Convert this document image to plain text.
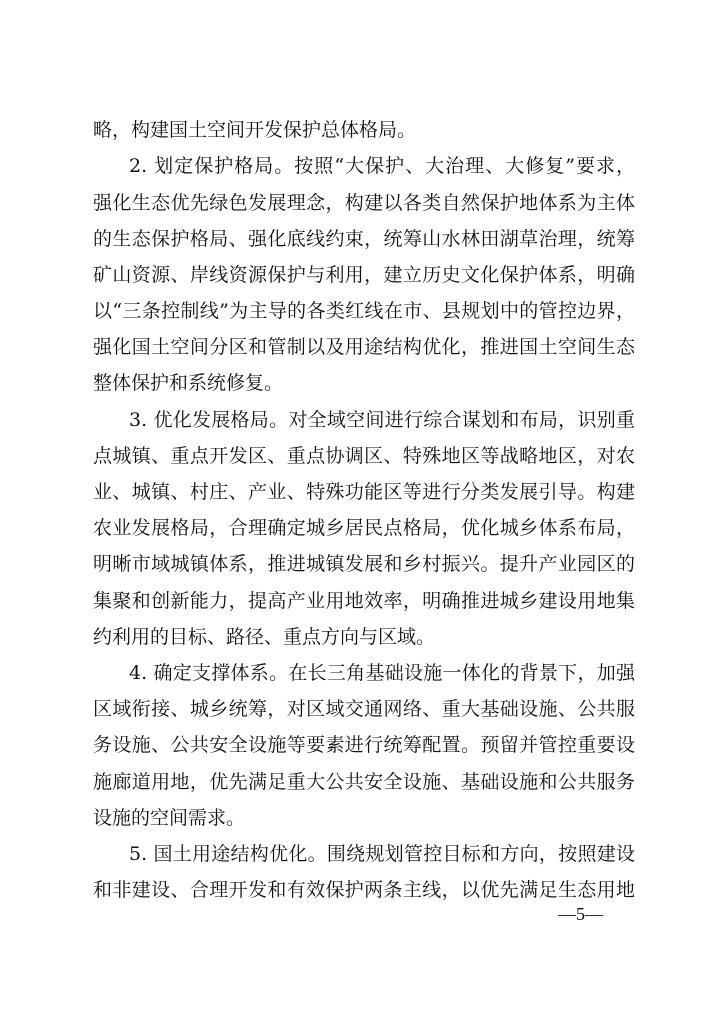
略，构建国土空间开发保护总体格局。
2. 划定保护格局。按照“大保护、大治理、大修复”要求，
强化生态优先绿色发展理念，构建以各类自然保护地体系为主体
的生态保护格局、强化底线约束，统筹山水林田湖草治理，统筹
矿山资源、岸线资源保护与利用，建立历史文化保护体系，明确
以“三条控制线”为主导的各类红线在市、县规划中的管控边界，
强化国土空间分区和管制以及用途结构优化，推进国土空间生态
整体保护和系统修复。
3. 优化发展格局。对全域空间进行综合谋划和布局，识别重
点城镇、重点开发区、重点协调区、特殊地区等战略地区，对农
业、城镇、村庄、产业、特殊功能区等进行分类发展引导。构建
农业发展格局，合理确定城乡居民点格局，优化城乡体系布局，
明晰市域城镇体系，推进城镇发展和乡村振兴。提升产业园区的
集聚和创新能力，提高产业用地效率，明确推进城乡建设用地集
约利用的目标、路径、重点方向与区域。
4. 确定支撑体系。在长三角基础设施一体化的背景下，加强
区域衔接、城乡统筹，对区域交通网络、重大基础设施、公共服
务设施、公共安全设施等要素进行统筹配置。预留并管控重要设
施廊道用地，优先满足重大公共安全设施、基础设施和公共服务
设施的空间需求。
5. 国土用途结构优化。围绕规划管控目标和方向，按照建设
和非建设、合理开发和有效保护两条主线，以优先满足生态用地
—5—
